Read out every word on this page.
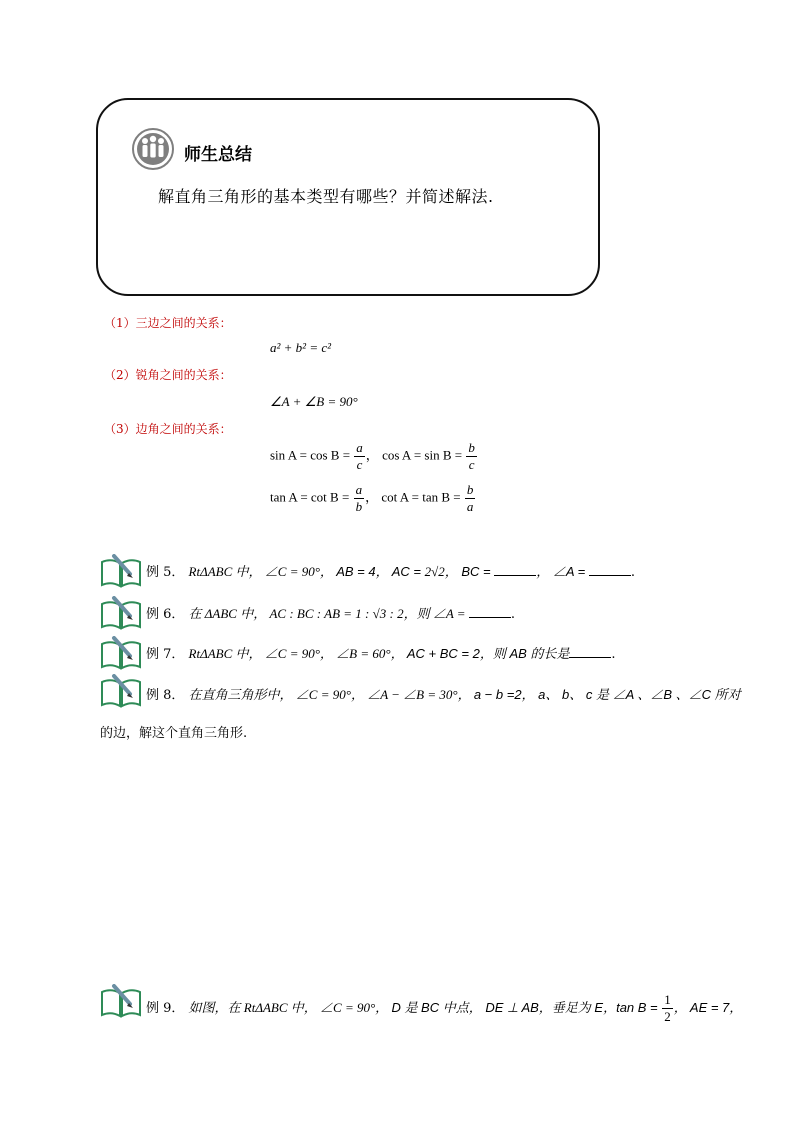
师生总结
解直角三角形的基本类型有哪些？并简述解法.
（1）三边之间的关系：
a² + b² = c²
（2）锐角之间的关系：
∠A + ∠B = 90°
（3）边角之间的关系：
$\sin A = \cos B = \frac{a}{c}$ ， $\cos A = \sin B = \frac{b}{c}$
$\tan A = \cot B = \frac{a}{b}$ ， $\cot A = \tan B = \frac{b}{a}$
例 5． RtΔABC 中， ∠C = 90°， AB = 4， AC = 2√2， BC =	， ∠A =	.
例 6． 在 ΔABC 中， AC : BC : AB = 1 : √3 : 2，则 ∠A =	.
例 7． RtΔABC 中， ∠C = 90°， ∠B = 60°， AC + BC = 2，则 AB 的长是	.
例 8． 在直角三角形中， ∠C = 90°， ∠A − ∠B = 30°， a − b =2， a、 b、 c 是 ∠A 、∠B 、∠C 所对
的边，解这个直角三角形.
例 9． 如图，在 RtΔABC 中， ∠C = 90°， D 是 BC 中点， DE ⊥ AB，垂足为 E，$\tan B = \frac{1}{2}$ ， AE = 7，
